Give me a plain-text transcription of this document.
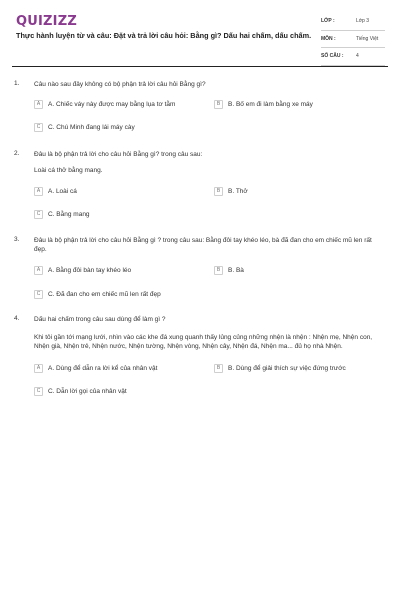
QUIZIZZ
Thực hành luyện từ và câu: Đặt và trả lời câu hỏi: Bằng gì? Dấu hai chấm, dấu chấm.
LỚP :	Lớp 3
MÔN :	Tiếng Việt
SỐ CÂU :	4
1. Câu nào sau đây không có bộ phận trả lời câu hỏi Bằng gì?
A	A. Chiếc váy này được may bằng lụa tơ tằm	B	B. Bố em đi làm bằng xe máy
C	C. Chú Minh đang lái máy cày
2. Đâu là bộ phận trả lời cho câu hỏi Bằng gì? trong câu sau:
Loài cá thở bằng mang.
A	A. Loài cá	B	B. Thở
C	C. Bằng mang
3. Đâu là bộ phận trả lời cho câu hỏi Bằng gì ? trong câu sau: Bằng đôi tay khéo léo, bà đã đan cho em chiếc mũ len rất đẹp.
A	A. Bằng đôi bàn tay khéo léo	B	B. Bà
C	C. Đã đan cho em chiếc mũ len rất đẹp
4. Dấu hai chấm trong câu sau dùng để làm gì ?
Khi tôi gần tới mạng lưới, nhìn vào các khe đá xung quanh thấy lủng củng những nhện là nhện : Nhện mẹ, Nhện con, Nhện già, Nhện trẻ, Nhện nước, Nhện tường, Nhện vòng, Nhện cây, Nhện đá, Nhện ma... đủ họ nhà Nhện.
A	A. Dùng để dẫn ra lời kể của nhân vật	B	B. Dùng để giải thích sự việc đứng trước
C	C. Dẫn lời gọi của nhân vật
